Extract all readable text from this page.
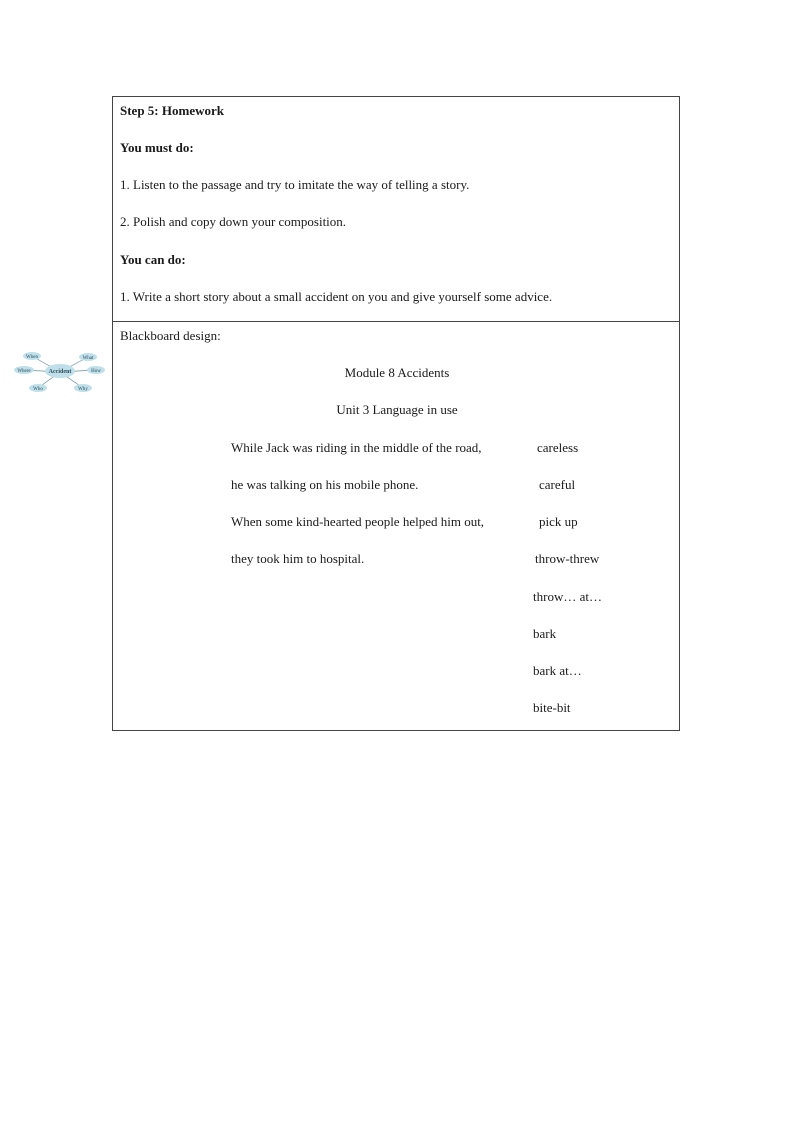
Step 5: Homework
You must do:
1. Listen to the passage and try to imitate the way of telling a story.
2. Polish and copy down your composition.
You can do:
1. Write a short story about a small accident on you and give yourself some advice.
Blackboard design:
Module 8 Accidents
Unit 3 Language in use
While Jack was riding in the middle of the road,
he was talking on his mobile phone.
When some kind-hearted people helped him out,
they took him to hospital.
careless
careful
pick up
throw-threw
throw… at…
bark
bark at…
bite-bit
Accident
When	What
Where	How
Who	Why
